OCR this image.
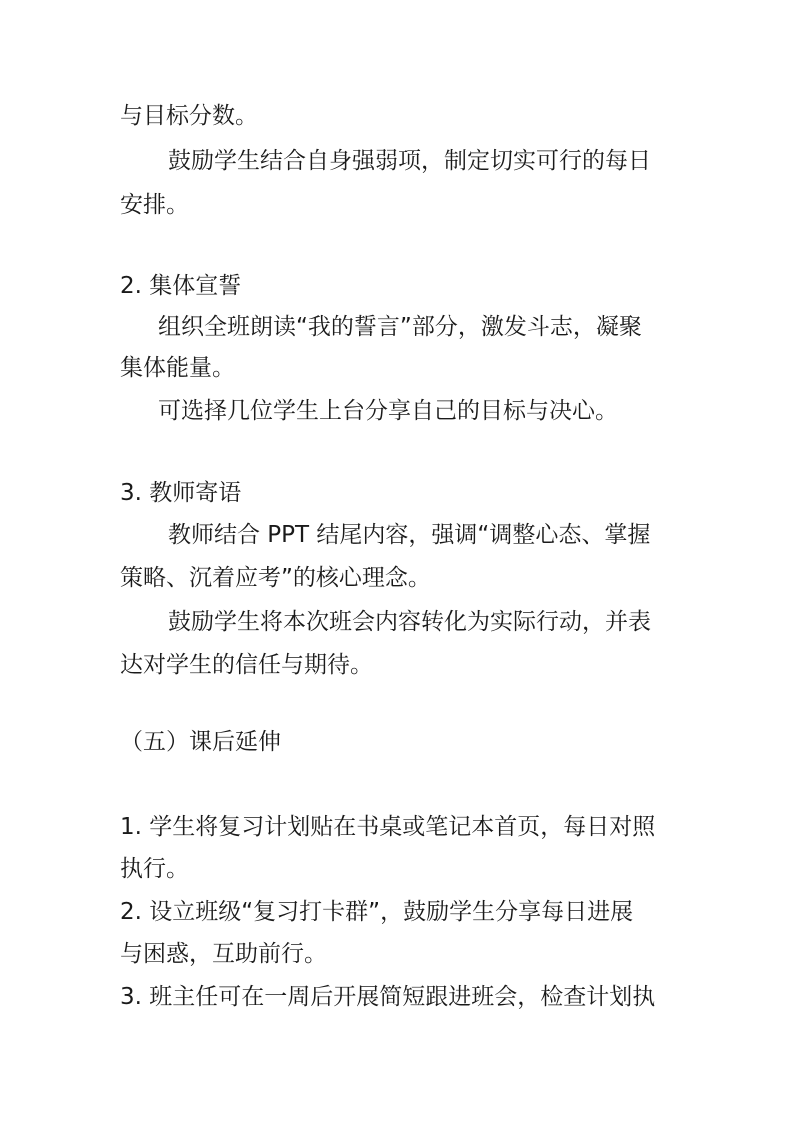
与目标分数。
鼓励学生结合自身强弱项，制定切实可行的每日
安排。
2. 集体宣誓
组织全班朗读“我的誓言”部分，激发斗志，凝聚
集体能量。
可选择几位学生上台分享自己的目标与决心。
3. 教师寄语
教师结合 PPT 结尾内容，强调“调整心态、掌握
策略、沉着应考”的核心理念。
鼓励学生将本次班会内容转化为实际行动，并表
达对学生的信任与期待。
（五）课后延伸
1. 学生将复习计划贴在书桌或笔记本首页，每日对照
执行。
2. 设立班级“复习打卡群”，鼓励学生分享每日进展
与困惑，互助前行。
3. 班主任可在一周后开展简短跟进班会，检查计划执
